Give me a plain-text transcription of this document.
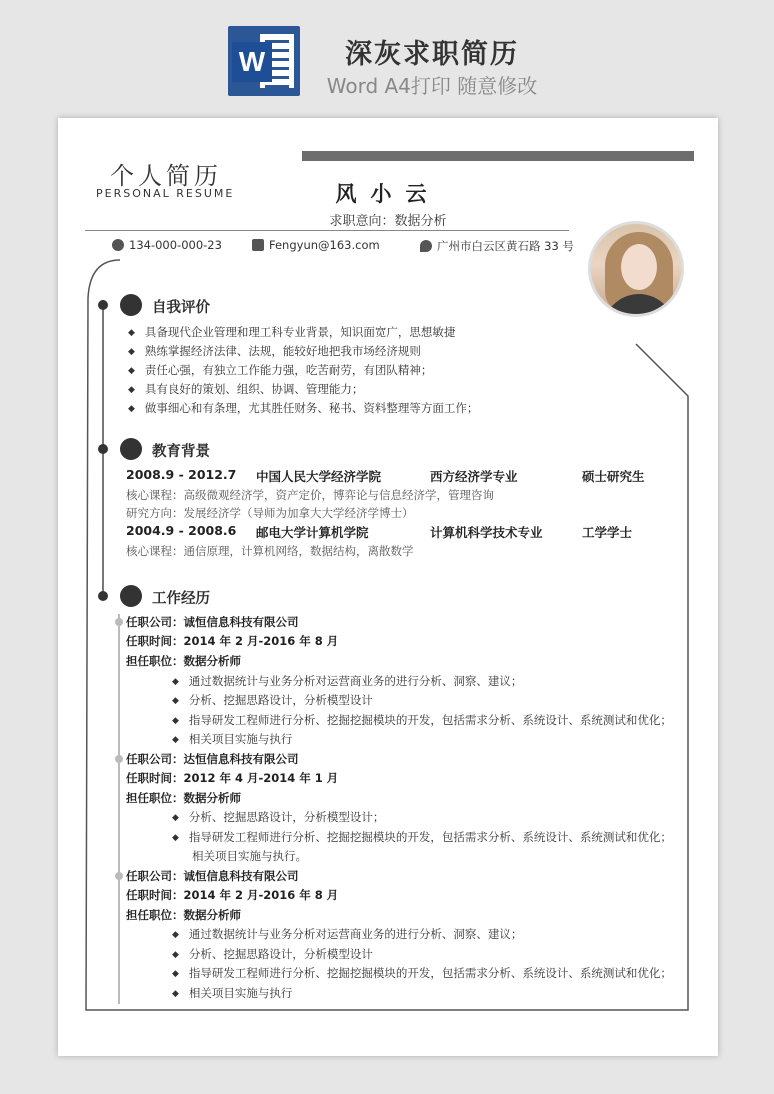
W	深灰求职简历
Word A4打印 随意修改
个人简历
PERSONAL RESUME	风小云
求职意向：数据分析
134-000-000-23	Fengyun@163.com	广州市白云区黄石路 33 号
自我评价
◆ 具备现代企业管理和理工科专业背景，知识面宽广，思想敏捷
◆ 熟练掌握经济法律、法规，能较好地把我市场经济规则
◆ 责任心强，有独立工作能力强，吃苦耐劳，有团队精神；
◆ 具有良好的策划、组织、协调、管理能力；
◆ 做事细心和有条理，尤其胜任财务、秘书、资料整理等方面工作；
教育背景
2008.9 - 2012.7 中国人民大学经济学院	西方经济学专业	硕士研究生
核心课程：高级微观经济学，资产定价，博弈论与信息经济学，管理咨询
研究方向：发展经济学（导师为加拿大大学经济学博士）
2004.9 - 2008.6 邮电大学计算机学院	计算机科学技术专业	工学学士
核心课程：通信原理，计算机网络，数据结构，离散数学
工作经历
任职公司：诚恒信息科技有限公司
任职时间：2014 年 2 月-2016 年 8 月
担任职位：数据分析师
◆ 通过数据统计与业务分析对运营商业务的进行分析、洞察、建议；
◆ 分析、挖掘思路设计，分析模型设计
◆ 指导研发工程师进行分析、挖掘挖掘模块的开发，包括需求分析、系统设计、系统测试和优化；
◆ 相关项目实施与执行
任职公司：达恒信息科技有限公司
任职时间：2012 年 4 月-2014 年 1 月
担任职位：数据分析师
◆ 分析、挖掘思路设计，分析模型设计；
◆ 指导研发工程师进行分析、挖掘挖掘模块的开发，包括需求分析、系统设计、系统测试和优化；
相关项目实施与执行。
任职公司：诚恒信息科技有限公司
任职时间：2014 年 2 月-2016 年 8 月
担任职位：数据分析师
◆ 通过数据统计与业务分析对运营商业务的进行分析、洞察、建议；
◆ 分析、挖掘思路设计，分析模型设计
◆ 指导研发工程师进行分析、挖掘挖掘模块的开发，包括需求分析、系统设计、系统测试和优化；
◆ 相关项目实施与执行
